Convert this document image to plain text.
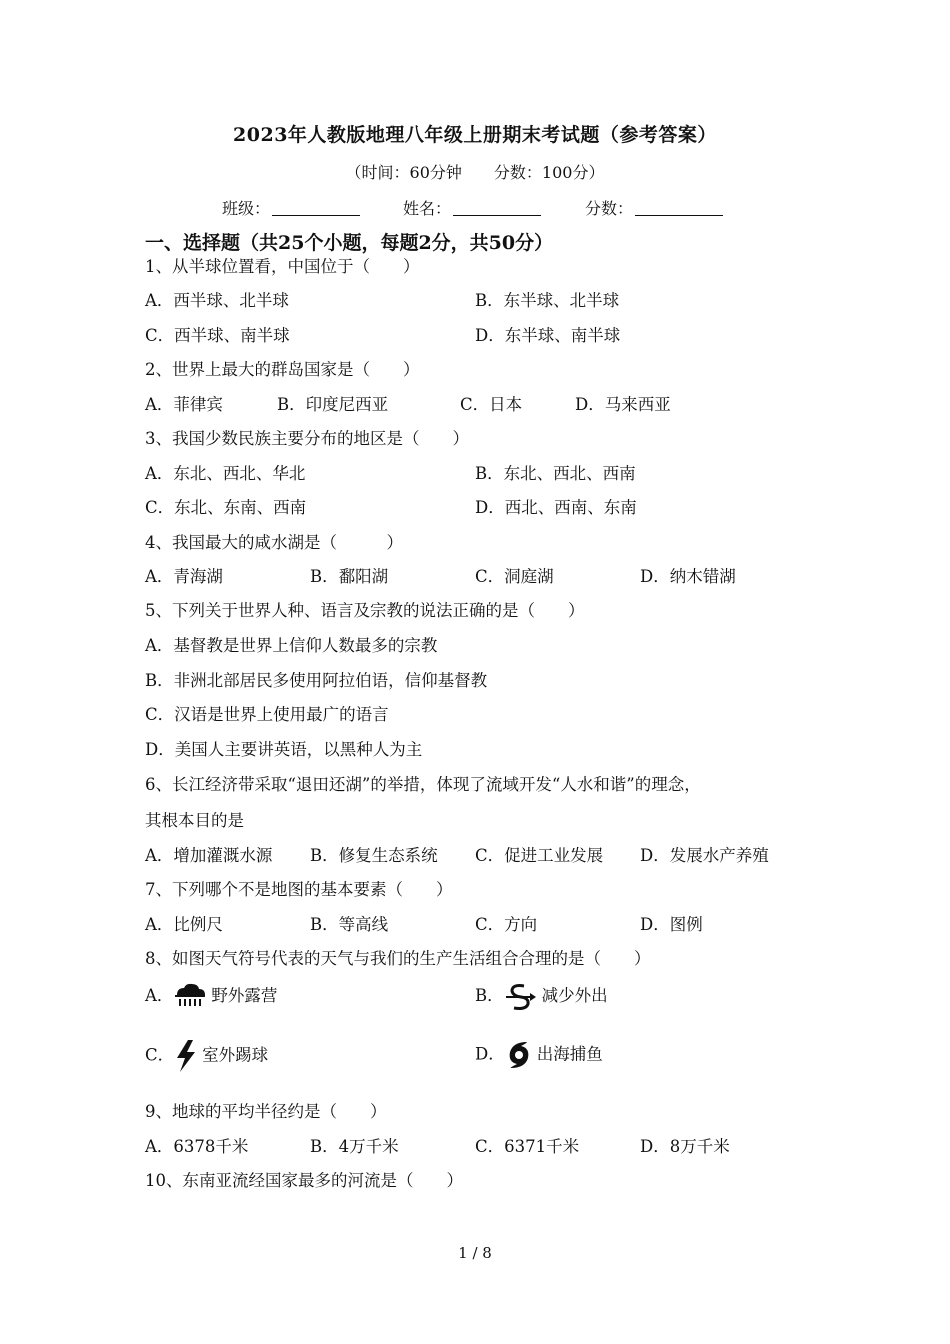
2023年人教版地理八年级上册期末考试题（参考答案）
（时间：60分钟　　分数：100分）
班级：	姓名：	分数：
一、选择题（共25个小题，每题2分，共50分）
1、从半球位置看，中国位于（　　）
A．西半球、北半球	B．东半球、北半球
C．西半球、南半球	D．东半球、南半球
2、世界上最大的群岛国家是（　　）
A．菲律宾	B．印度尼西亚	C．日本	D．马来西亚
3、我国少数民族主要分布的地区是（　　）
A．东北、西北、华北	B．东北、西北、西南
C．东北、东南、西南	D．西北、西南、东南
4、我国最大的咸水湖是（　　　）
A．青海湖	B．鄱阳湖	C．洞庭湖	D．纳木错湖
5、下列关于世界人种、语言及宗教的说法正确的是（　　）
A．基督教是世界上信仰人数最多的宗教
B．非洲北部居民多使用阿拉伯语，信仰基督教
C．汉语是世界上使用最广的语言
D．美国人主要讲英语，以黑种人为主
6、长江经济带采取“退田还湖”的举措，体现了流域开发“人水和谐”的理念，
其根本目的是
A．增加灌溉水源 B．修复生态系统 C．促进工业发展 D．发展水产养殖
7、下列哪个不是地图的基本要素（　　）
A．比例尺	B．等高线	C．方向	D．图例
8、如图天气符号代表的天气与我们的生产生活组合合理的是（　　）
A． 野外露营	B． 减少外出
C． 室外踢球	D． 出海捕鱼
9、地球的平均半径约是（　　）
A．6378千米	B．4万千米	C．6371千米	D．8万千米
10、东南亚流经国家最多的河流是（　　）
1 / 8
